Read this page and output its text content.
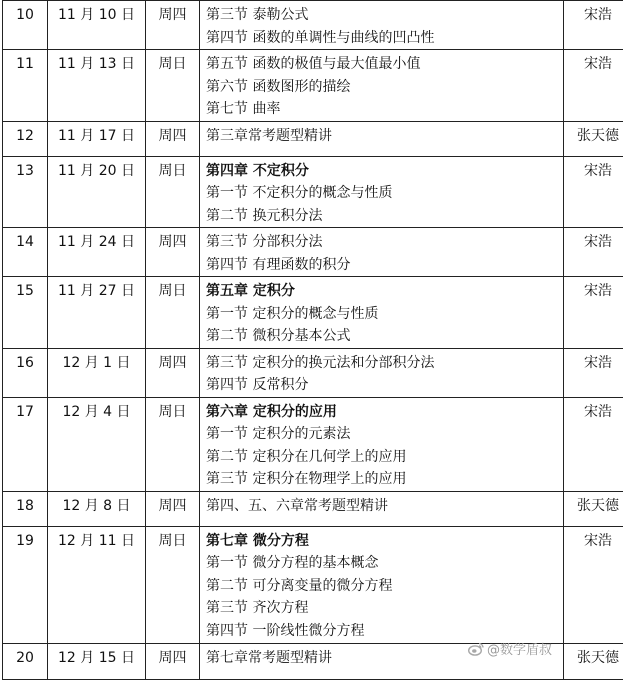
10	11 月 10 日	周四	第三节 泰勒公式
第四节 函数的单调性与曲线的凹凸性	宋浩

11	11 月 13 日	周日	第五节 函数的极值与最大值最小值
第六节 函数图形的描绘
第七节 曲率	宋浩

12	11 月 17 日	周四	第三章常考题型精讲	张天德

13	11 月 20 日	周日	第四章 不定积分
第一节 不定积分的概念与性质
第二节 换元积分法	宋浩

14	11 月 24 日	周四	第三节 分部积分法
第四节 有理函数的积分	宋浩

15	11 月 27 日	周日	第五章 定积分
第一节 定积分的概念与性质
第二节 微积分基本公式	宋浩

16	12 月 1 日	周四	第三节 定积分的换元法和分部积分法
第四节 反常积分	宋浩

17	12 月 4 日	周日	第六章 定积分的应用
第一节 定积分的元素法
第二节 定积分在几何学上的应用
第三节 定积分在物理学上的应用	宋浩

18	12 月 8 日	周四	第四、五、六章常考题型精讲	张天德

19	12 月 11 日	周日	第七章 微分方程
第一节 微分方程的基本概念
第二节 可分离变量的微分方程
第三节 齐次方程
第四节 一阶线性微分方程	宋浩

20	12 月 15 日	周四	第七章常考题型精讲	张天德
@数学盾叔
